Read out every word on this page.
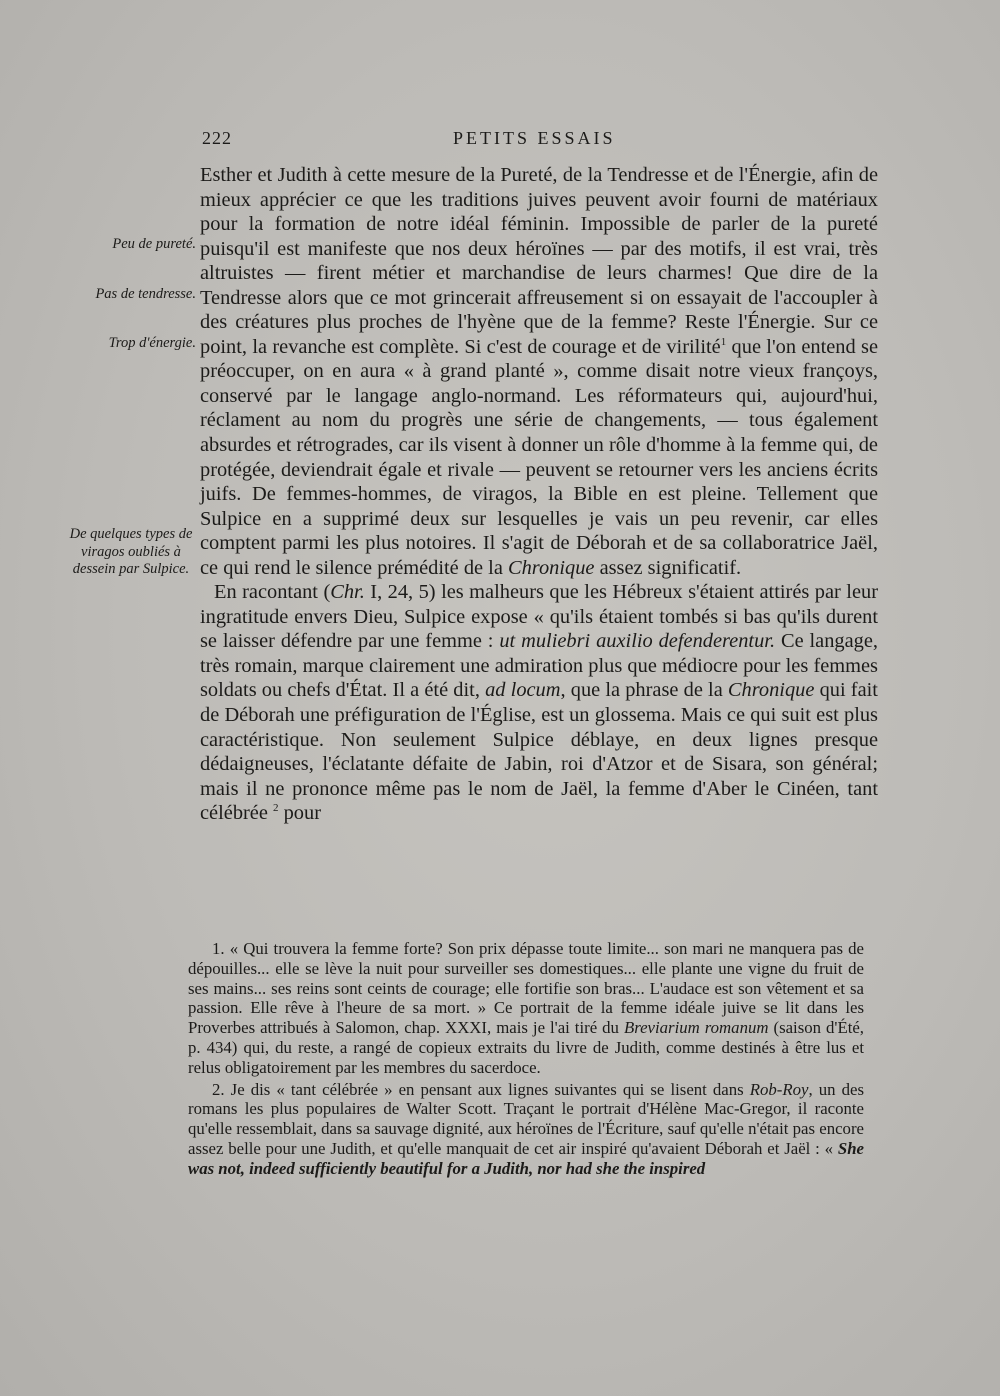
222	PETITS ESSAIS
Peu de pureté.
Pas de tendresse.
Trop d'énergie.
De quelques types de viragos oubliés à dessein par Sulpice.

Esther et Judith à cette mesure de la Pureté, de la Tendresse et de l'Énergie, afin de mieux apprécier ce que les traditions juives peuvent avoir fourni de matériaux pour la formation de notre idéal féminin. Impossible de parler de la pureté puisqu'il est manifeste que nos deux héroïnes — par des motifs, il est vrai, très altruistes — firent métier et marchandise de leurs charmes! Que dire de la Tendresse alors que ce mot grincerait affreusement si on essayait de l'accoupler à des créatures plus proches de l'hyène que de la femme? Reste l'Énergie. Sur ce point, la revanche est complète. Si c'est de courage et de virilité$^1$ que l'on entend se préoccuper, on en aura « à grand planté », comme disait notre vieux françoys, conservé par le langage anglo-normand. Les réformateurs qui, aujourd'hui, réclament au nom du progrès une série de changements, — tous également absurdes et rétrogrades, car ils visent à donner un rôle d'homme à la femme qui, de protégée, deviendrait égale et rivale — peuvent se retourner vers les anciens écrits juifs. De femmes-hommes, de viragos, la Bible en est pleine. Tellement que Sulpice en a supprimé deux sur lesquelles je vais un peu revenir, car elles comptent parmi les plus notoires. Il s'agit de Déborah et de sa collaboratrice Jaël, ce qui rend le silence prémédité de la Chronique assez significatif.

En racontant (Chr. I, 24, 5) les malheurs que les Hébreux s'étaient attirés par leur ingratitude envers Dieu, Sulpice expose « qu'ils étaient tombés si bas qu'ils durent se laisser défendre par une femme : ut muliebri auxilio defenderentur. Ce langage, très romain, marque clairement une admiration plus que médiocre pour les femmes soldats ou chefs d'État. Il a été dit, ad locum, que la phrase de la Chronique qui fait de Déborah une préfiguration de l'Église, est un glossema. Mais ce qui suit est plus caractéristique. Non seulement Sulpice déblaye, en deux lignes presque dédaigneuses, l'éclatante défaite de Jabin, roi d'Atzor et de Sisara, son général; mais il ne prononce même pas le nom de Jaël, la femme d'Aber le Cinéen, tant célébrée $^2$ pour

1. « Qui trouvera la femme forte? Son prix dépasse toute limite... son mari ne manquera pas de dépouilles... elle se lève la nuit pour surveiller ses domestiques... elle plante une vigne du fruit de ses mains... ses reins sont ceints de courage; elle fortifie son bras... L'audace est son vêtement et sa passion. Elle rêve à l'heure de sa mort. » Ce portrait de la femme idéale juive se lit dans les Proverbes attribués à Salomon, chap. XXXI, mais je l'ai tiré du Breviarium romanum (saison d'Été, p. 434) qui, du reste, a rangé de copieux extraits du livre de Judith, comme destinés à être lus et relus obligatoirement par les membres du sacerdoce.

2. Je dis « tant célébrée » en pensant aux lignes suivantes qui se lisent dans Rob-Roy, un des romans les plus populaires de Walter Scott. Traçant le portrait d'Hélène Mac-Gregor, il raconte qu'elle ressemblait, dans sa sauvage dignité, aux héroïnes de l'Écriture, sauf qu'elle n'était pas encore assez belle pour une Judith, et qu'elle manquait de cet air inspiré qu'avaient Déborah et Jaël : « She was not, indeed sufficiently beautiful for a Judith, nor had she the inspired
